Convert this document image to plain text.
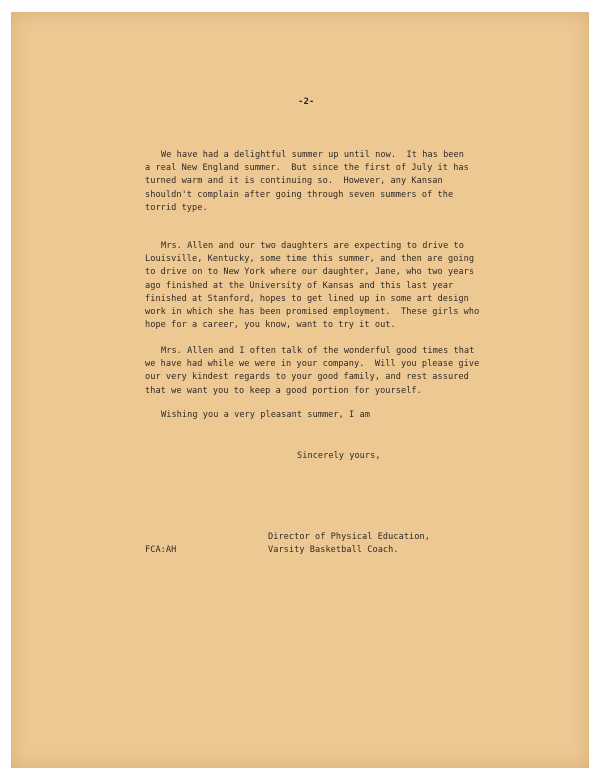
-2-
We have had a delightful summer up until now.  It has been
a real New England summer.  But since the first of July it has
turned warm and it is continuing so.  However, any Kansan
shouldn't complain after going through seven summers of the
torrid type.
Mrs. Allen and our two daughters are expecting to drive to
Louisville, Kentucky, some time this summer, and then are going
to drive on to New York where our daughter, Jane, who two years
ago finished at the University of Kansas and this last year
finished at Stanford, hopes to get lined up in some art design
work in which she has been promised employment.  These girls who
hope for a career, you know, want to try it out.
Mrs. Allen and I often talk of the wonderful good times that
we have had while we were in your company.  Will you please give
our very kindest regards to your good family, and rest assured
that we want you to keep a good portion for yourself.
Wishing you a very pleasant summer, I am
Sincerely yours,
Director of Physical Education,
Varsity Basketball Coach.
FCA:AH
